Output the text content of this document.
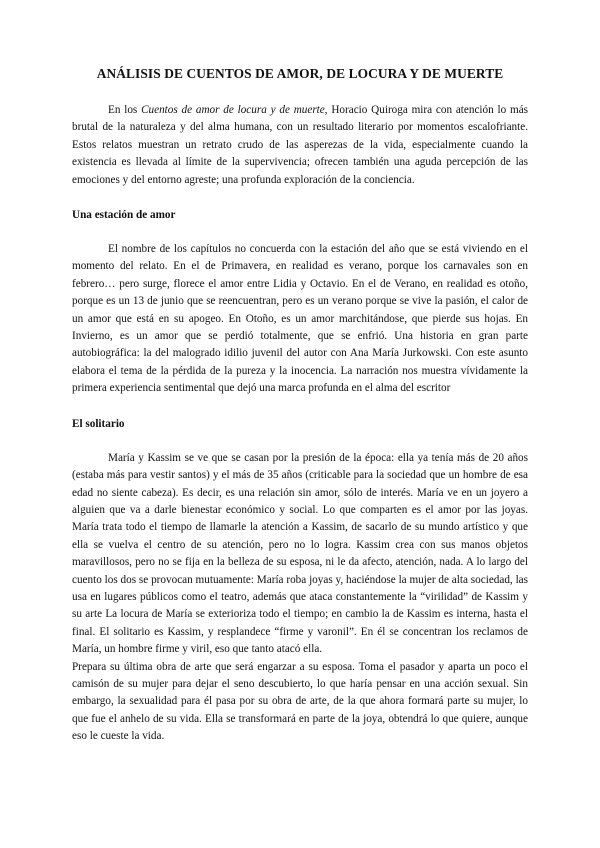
ANÁLISIS DE CUENTOS DE AMOR, DE LOCURA Y DE MUERTE

En los Cuentos de amor de locura y de muerte, Horacio Quiroga mira con atención lo más brutal de la naturaleza y del alma humana, con un resultado literario por momentos escalofriante. Estos relatos muestran un retrato crudo de las asperezas de la vida, especialmente cuando la existencia es llevada al límite de la supervivencia; ofrecen también una aguda percepción de las emociones y del entorno agreste; una profunda exploración de la conciencia.

Una estación de amor

El nombre de los capítulos no concuerda con la estación del año que se está viviendo en el momento del relato. En el de Primavera, en realidad es verano, porque los carnavales son en febrero… pero surge, florece el amor entre Lidia y Octavio. En el de Verano, en realidad es otoño, porque es un 13 de junio que se reencuentran, pero es un verano porque se vive la pasión, el calor de un amor que está en su apogeo. En Otoño, es un amor marchitándose, que pierde sus hojas. En Invierno, es un amor que se perdió totalmente, que se enfrió. Una historia en gran parte autobiográfica: la del malogrado idilio juvenil del autor con Ana María Jurkowski. Con este asunto elabora el tema de la pérdida de la pureza y la inocencia. La narración nos muestra vívidamente la primera experiencia sentimental que dejó una marca profunda en el alma del escritor

El solitario

María y Kassim se ve que se casan por la presión de la época: ella ya tenía más de 20 años (estaba más para vestir santos) y el más de 35 años (criticable para la sociedad que un hombre de esa edad no siente cabeza). Es decir, es una relación sin amor, sólo de interés. María ve en un joyero a alguien que va a darle bienestar económico y social. Lo que comparten es el amor por las joyas. María trata todo el tiempo de llamarle la atención a Kassim, de sacarlo de su mundo artístico y que ella se vuelva el centro de su atención, pero no lo logra. Kassim crea con sus manos objetos maravillosos, pero no se fija en la belleza de su esposa, ni le da afecto, atención, nada. A lo largo del cuento los dos se provocan mutuamente: María roba joyas y, haciéndose la mujer de alta sociedad, las usa en lugares públicos como el teatro, además que ataca constantemente la “virilidad” de Kassim y su arte La locura de María se exterioriza todo el tiempo; en cambio la de Kassim es interna, hasta el final. El solitario es Kassim, y resplandece “firme y varonil”. En él se concentran los reclamos de María, un hombre firme y viril, eso que tanto atacó ella.

Prepara su última obra de arte que será engarzar a su esposa. Toma el pasador y aparta un poco el camisón de su mujer para dejar el seno descubierto, lo que haría pensar en una acción sexual. Sin embargo, la sexualidad para él pasa por su obra de arte, de la que ahora formará parte su mujer, lo que fue el anhelo de su vida. Ella se transformará en parte de la joya, obtendrá lo que quiere, aunque eso le cueste la vida.
